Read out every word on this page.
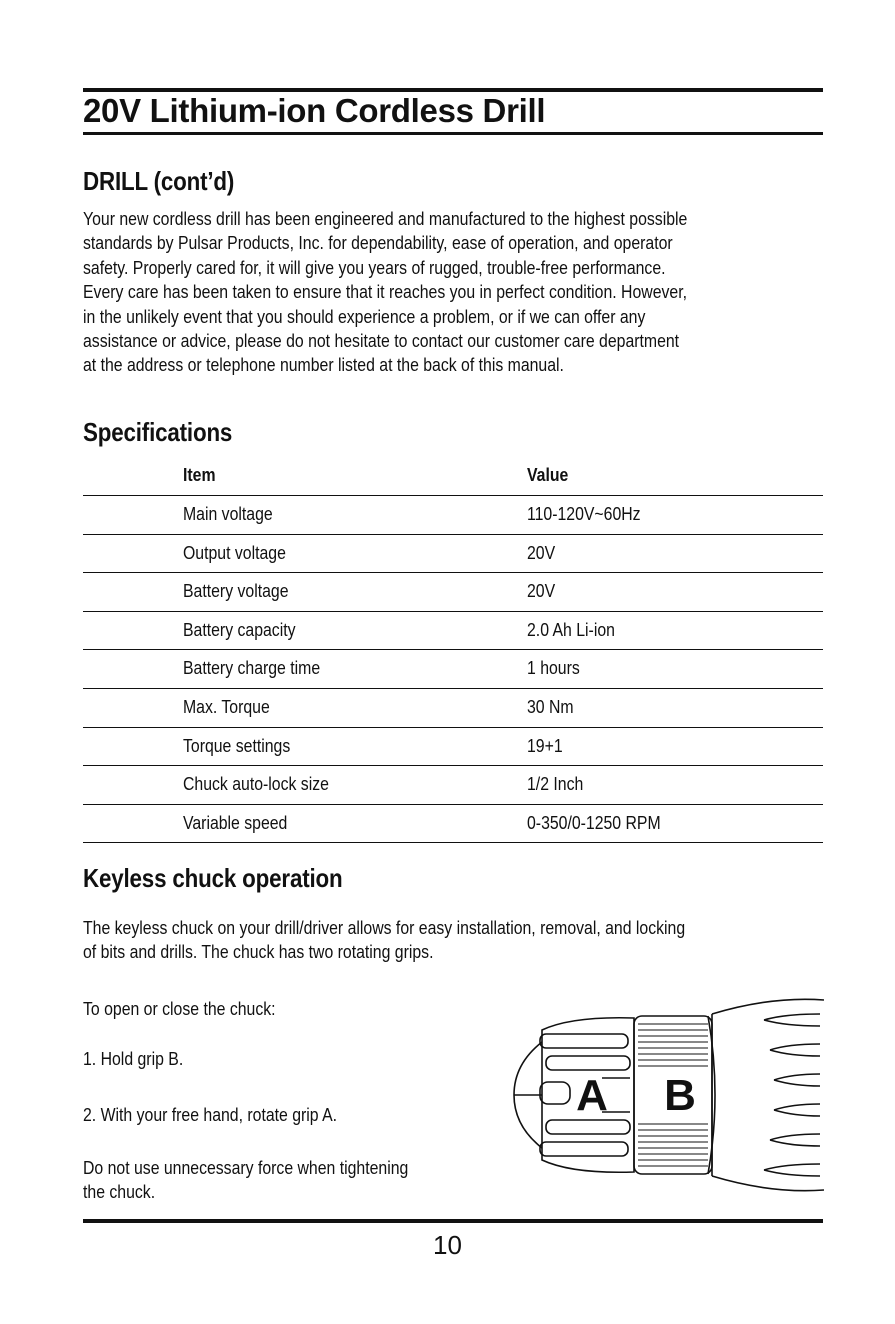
20V Lithium-ion Cordless Drill
DRILL (cont’d)

Your new cordless drill has been engineered and manufactured to the highest possible
standards by Pulsar Products, Inc. for dependability, ease of operation, and operator
safety. Properly cared for, it will give you years of rugged, trouble-free performance.
Every care has been taken to ensure that it reaches you in perfect condition. However,
in the unlikely event that you should experience a problem, or if we can offer any
assistance or advice, please do not hesitate to contact our customer care department
at the address or telephone number listed at the back of this manual.

Specifications
Item	Value
Main voltage	110-120V~60Hz
Output voltage	20V
Battery voltage	20V
Battery capacity	2.0 Ah Li-ion
Battery charge time	1 hours
Max. Torque	30 Nm
Torque settings	19+1
Chuck auto-lock size	1/2 Inch
Variable speed	0-350/0-1250 RPM
Keyless chuck operation

The keyless chuck on your drill/driver allows for easy installation, removal, and locking
of bits and drills. The chuck has two rotating grips.

To open or close the chuck:

1. Hold grip B.

2. With your free hand, rotate grip A.

Do not use unnecessary force when tightening

the chuck.

A B
10
